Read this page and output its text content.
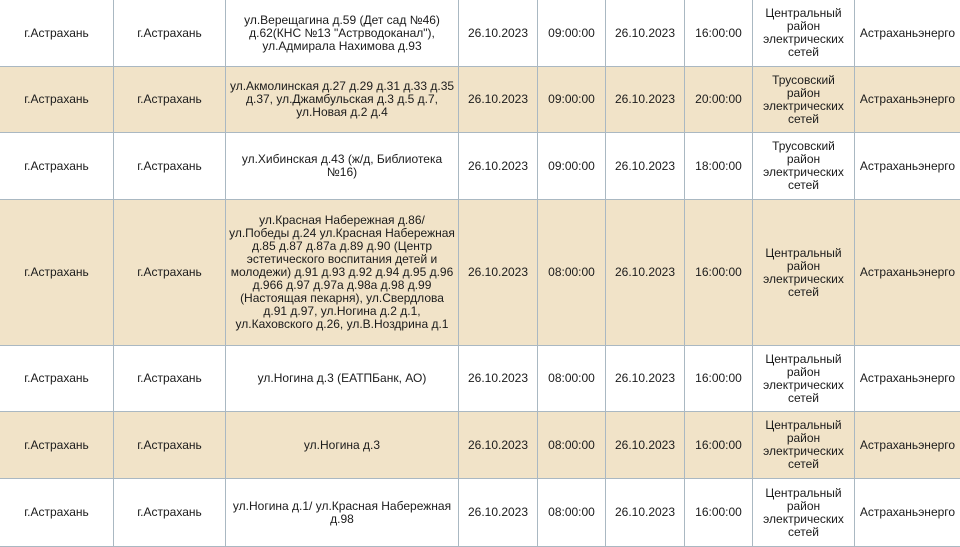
г.Астрахань	г.Астрахань	ул.Верещагина д.59 (Дет сад №46) д.62(КНС №13 "Астрводоканал"), ул.Адмирала Нахимова д.93	26.10.2023	09:00:00	26.10.2023	16:00:00	Центральный район электрических сетей	Астраханьэнерго
г.Астрахань	г.Астрахань	ул.Акмолинская д.27 д.29 д.31 д.33 д.35 д.37, ул.Джамбульская д.3 д.5 д.7, ул.Новая д.2 д.4	26.10.2023	09:00:00	26.10.2023	20:00:00	Трусовский район электрических сетей	Астраханьэнерго
г.Астрахань	г.Астрахань	ул.Хибинская д.43 (ж/д, Библиотека №16)	26.10.2023	09:00:00	26.10.2023	18:00:00	Трусовский район электрических сетей	Астраханьэнерго
г.Астрахань	г.Астрахань	ул.Красная Набережная д.86/ ул.Победы д.24 ул.Красная Набережная д.85 д.87 д.87а д.89 д.90 (Центр эстетического воспитания детей и молодежи) д.91 д.93 д.92 д.94 д.95 д.96 д.966 д.97 д.97а д.98а д.98 д.99 (Настоящая пекарня), ул.Свердлова д.91 д.97, ул.Ногина д.2 д.1, ул.Каховского д.26, ул.В.Ноздрина д.1	26.10.2023	08:00:00	26.10.2023	16:00:00	Центральный район электрических сетей	Астраханьэнерго
г.Астрахань	г.Астрахань	ул.Ногина д.3 (ЕАТПБанк, АО)	26.10.2023	08:00:00	26.10.2023	16:00:00	Центральный район электрических сетей	Астраханьэнерго
г.Астрахань	г.Астрахань	ул.Ногина д.3	26.10.2023	08:00:00	26.10.2023	16:00:00	Центральный район электрических сетей	Астраханьэнерго
г.Астрахань	г.Астрахань	ул.Ногина д.1/ ул.Красная Набережная д.98	26.10.2023	08:00:00	26.10.2023	16:00:00	Центральный район электрических сетей	Астраханьэнерго
